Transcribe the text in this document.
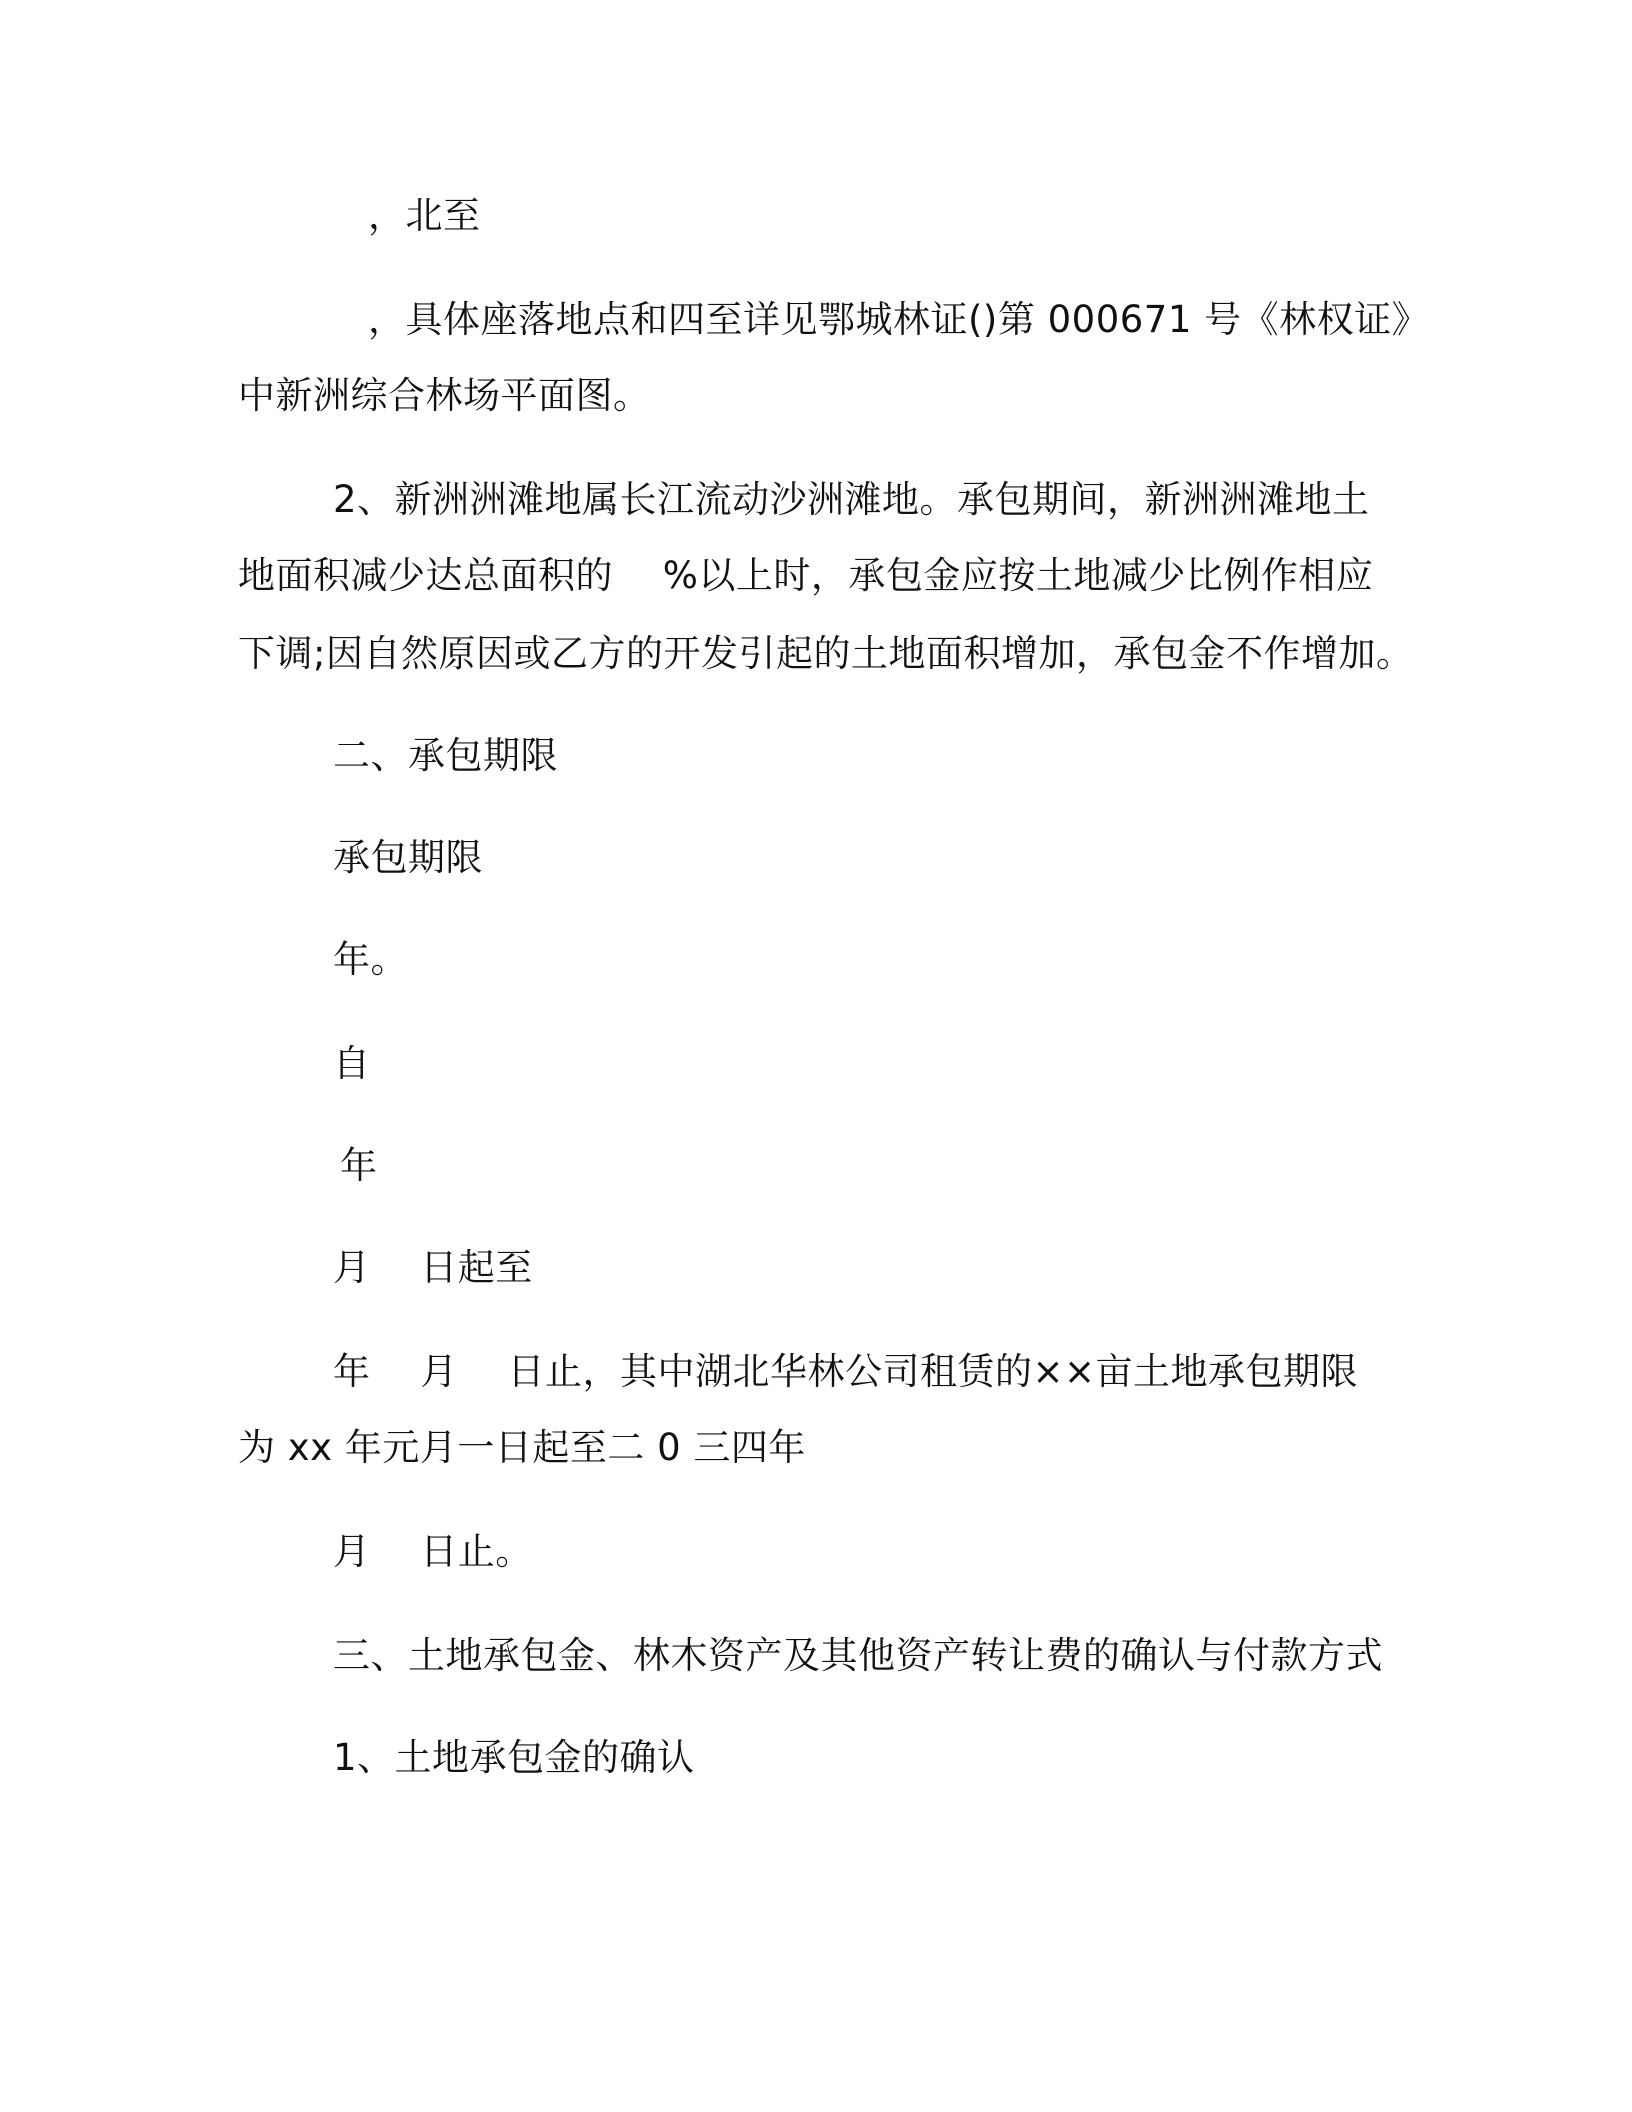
，北至

，具体座落地点和四至详见鄂城林证()第 000671 号《林权证》

中新洲综合林场平面图。

2、新洲洲滩地属长江流动沙洲滩地。承包期间，新洲洲滩地土

地面积减少达总面积的　 %以上时，承包金应按土地减少比例作相应

下调;因自然原因或乙方的开发引起的土地面积增加，承包金不作增加。

二、承包期限

承包期限

年。

自

年

月　 日起至

年　 月　 日止，其中湖北华林公司租赁的××亩土地承包期限

为 xx 年元月一日起至二 0 三四年

月　 日止。

三、土地承包金、林木资产及其他资产转让费的确认与付款方式

1、土地承包金的确认
